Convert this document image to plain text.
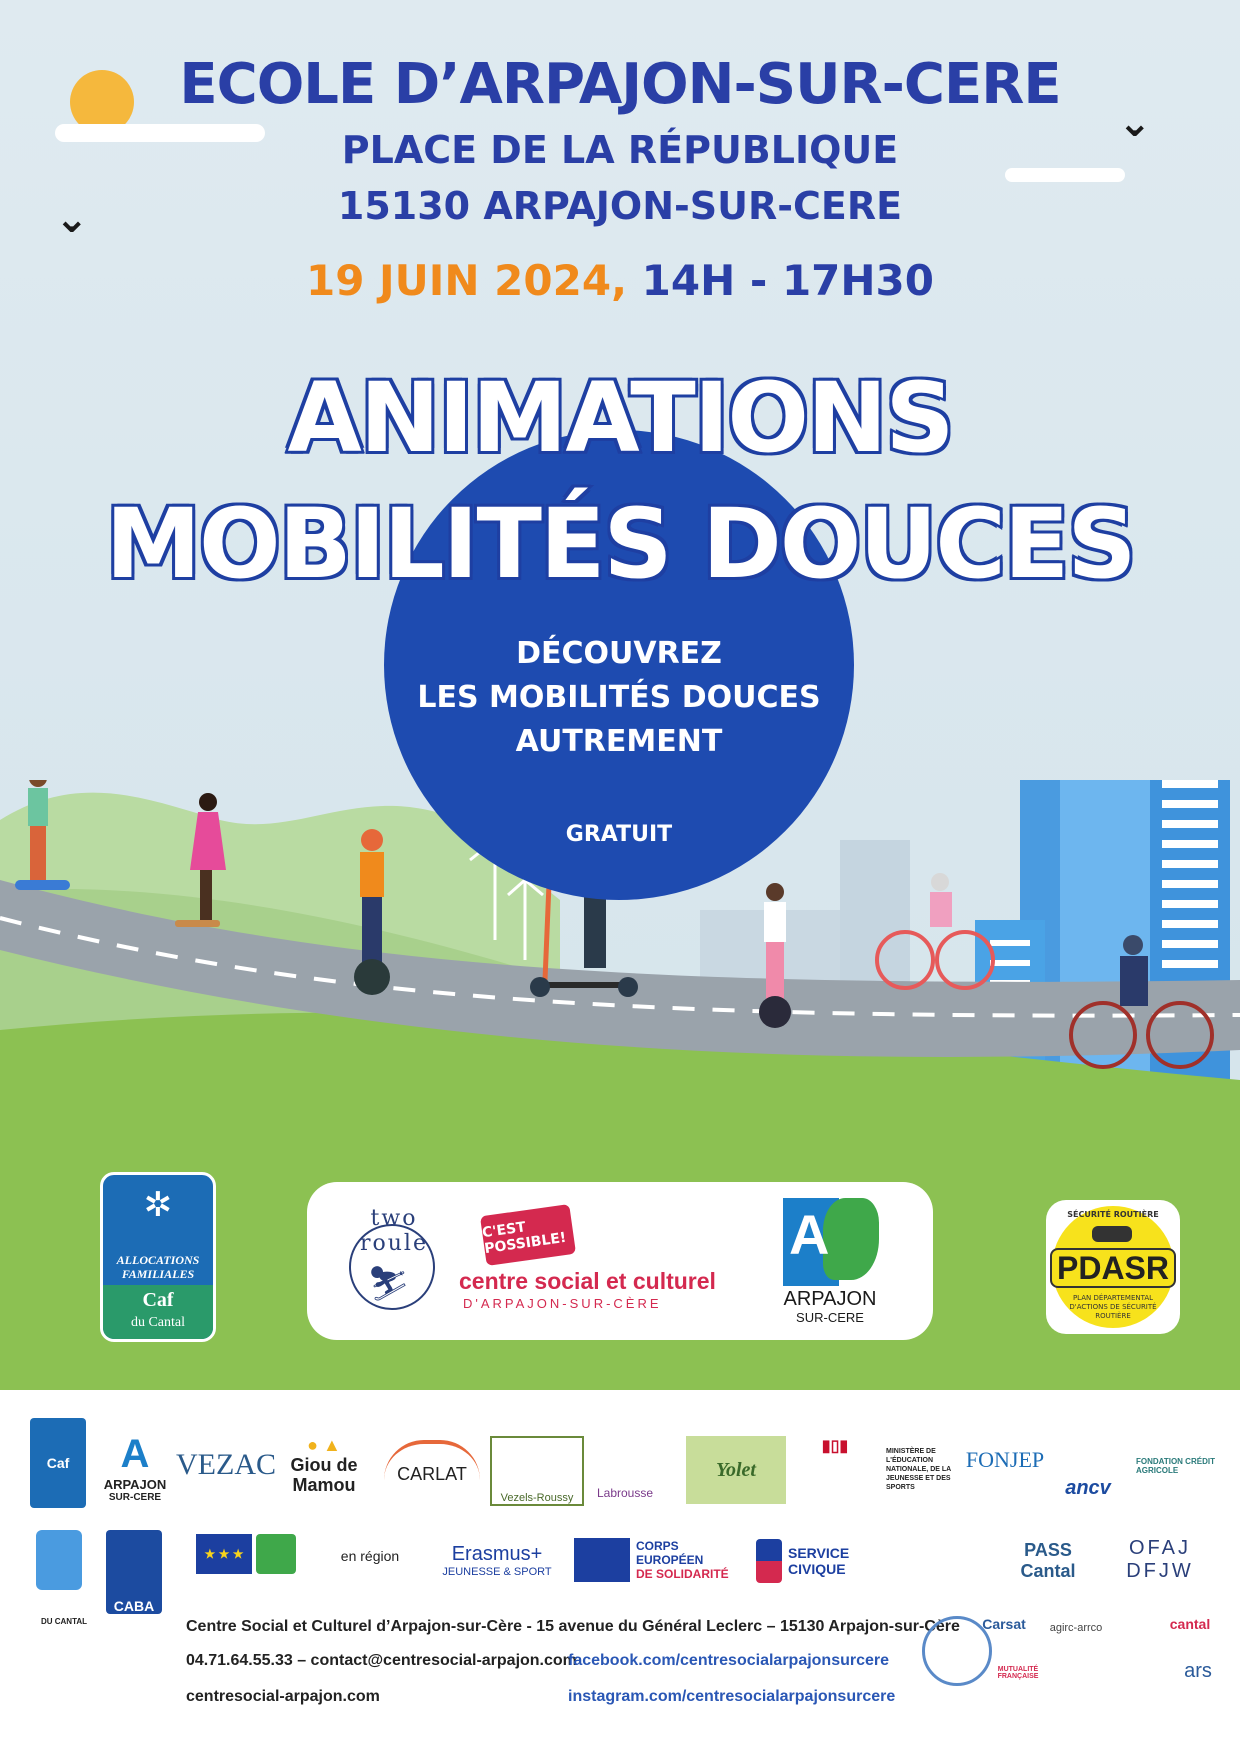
⌄
⌄
ECOLE D’ARPAJON-SUR-CERE
PLACE DE LA RÉPUBLIQUE
15130 ARPAJON-SUR-CERE
19 JUIN 2024, 14H - 17H30
ANIMATIONS
MOBILITÉS DOUCES
DÉCOUVREZ
LES MOBILITÉS DOUCES
AUTREMENT
GRATUIT
✲
ALLOCATIONS
FAMILIALES
Caf
du Cantal
two roule
⛷
C'EST POSSIBLE!
centre social et culturel
D'ARPAJON-SUR-CÈRE
A
ARPAJON
SUR-CERE
SÉCURITÉ ROUTIÈRE
PDASR
PLAN DÉPARTEMENTAL D'ACTIONS DE SÉCURITÉ ROUTIÈRE
Caf A
ARPAJON
SUR-CERE
VEZAC
● ▲
Giou de
Mamou
CARLAT
Vezels-Roussy Labrousse
Yolet
▮▯▮	MINISTÈRE DE L'ÉDUCATION NATIONALE, DE LA JEUNESSE ET DES SPORTS
FONJEP
ancv
FONDATION CRÉDIT AGRICOLE
CABA
★ ★ ★	en région	Erasmus+
JEUNESSE & SPORT
CORPS
EUROPÉEN
DE SOLIDARITÉ
SERVICE
CIVIQUE
PASS Cantal
OFAJ
DFJW
DU CANTAL	Centre Social et Culturel d’Arpajon-sur-Cère - 15 avenue du Général Leclerc – 15130 Arpajon-sur-Cère
04.71.64.55.33 – contact@centresocial-arpajon.com
facebook.com/centresocialarpajonsurcere
centresocial-arpajon.com	instagram.com/centresocialarpajonsurcere
Carsat agirc-arrco	cantal
MUTUALITÉ FRANÇAISE	ars
